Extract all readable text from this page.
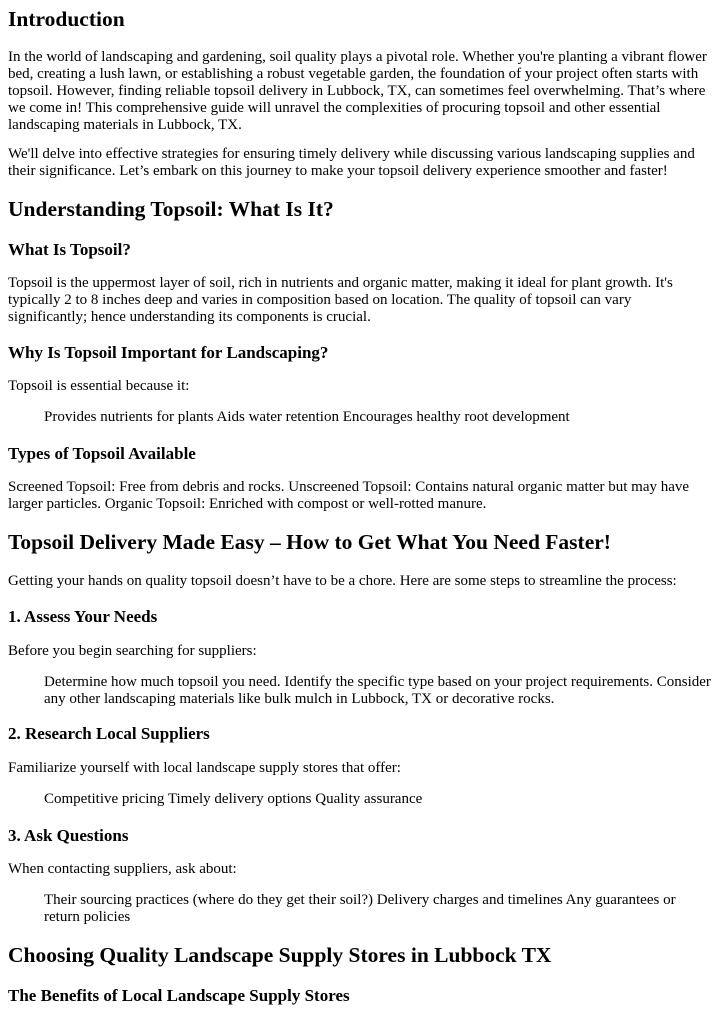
Introduction

In the world of landscaping and gardening, soil quality plays a pivotal role. Whether you're planting a vibrant flower bed, creating a lush lawn, or establishing a robust vegetable garden, the foundation of your project often starts with topsoil. However, finding reliable topsoil delivery in Lubbock, TX, can sometimes feel overwhelming. That’s where we come in! This comprehensive guide will unravel the complexities of procuring topsoil and other essential landscaping materials in Lubbock, TX.

We'll delve into effective strategies for ensuring timely delivery while discussing various landscaping supplies and their significance. Let’s embark on this journey to make your topsoil delivery experience smoother and faster!

Understanding Topsoil: What Is It?
What Is Topsoil?

Topsoil is the uppermost layer of soil, rich in nutrients and organic matter, making it ideal for plant growth. It's typically 2 to 8 inches deep and varies in composition based on location. The quality of topsoil can vary significantly; hence understanding its components is crucial.

Why Is Topsoil Important for Landscaping?

Topsoil is essential because it:

Provides nutrients for plants Aids water retention Encourages healthy root development

Types of Topsoil Available

Screened Topsoil: Free from debris and rocks. Unscreened Topsoil: Contains natural organic matter but may have larger particles. Organic Topsoil: Enriched with compost or well-rotted manure.

Topsoil Delivery Made Easy – How to Get What You Need Faster!

Getting your hands on quality topsoil doesn’t have to be a chore. Here are some steps to streamline the process:

1. Assess Your Needs

Before you begin searching for suppliers:

Determine how much topsoil you need. Identify the specific type based on your project requirements. Consider any other landscaping materials like bulk mulch in Lubbock, TX or decorative rocks.

2. Research Local Suppliers

Familiarize yourself with local landscape supply stores that offer:

Competitive pricing Timely delivery options Quality assurance

3. Ask Questions

When contacting suppliers, ask about:

Their sourcing practices (where do they get their soil?) Delivery charges and timelines Any guarantees or return policies

Choosing Quality Landscape Supply Stores in Lubbock TX
The Benefits of Local Landscape Supply Stores
